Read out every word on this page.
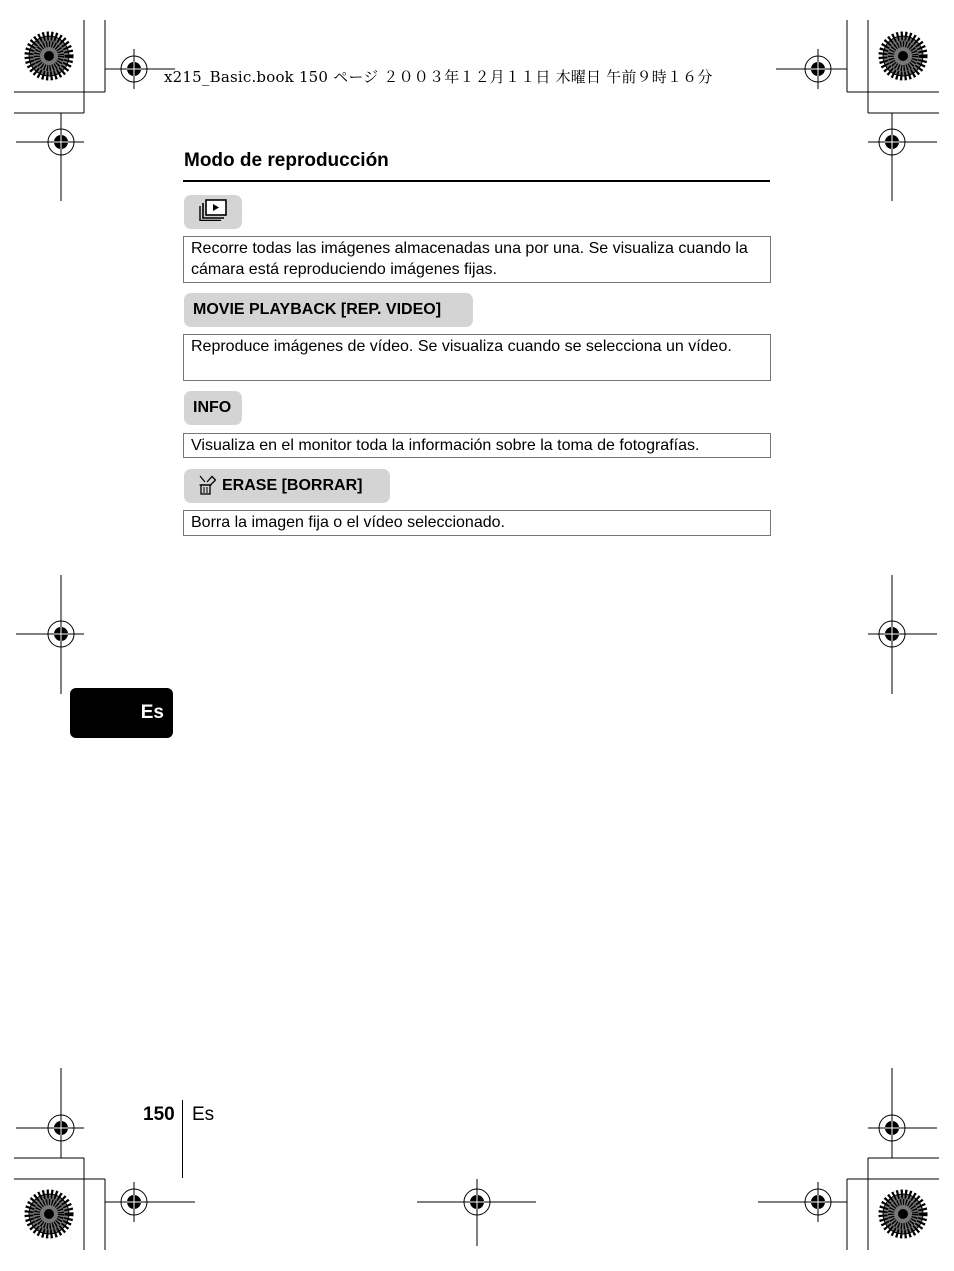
x215_Basic.book 150 ページ ２００３年１２月１１日 木曜日 午前９時１６分
Modo de reproducción
Recorre todas las imágenes almacenadas una por una. Se visualiza cuando la cámara está reproduciendo imágenes fijas.
MOVIE PLAYBACK [REP. VIDEO]
Reproduce imágenes de vídeo. Se visualiza cuando se selecciona un vídeo.
INFO
Visualiza en el monitor toda la información sobre la toma de fotografías.
ERASE [BORRAR]
Borra la imagen fija o el vídeo seleccionado.
Es
150 Es
